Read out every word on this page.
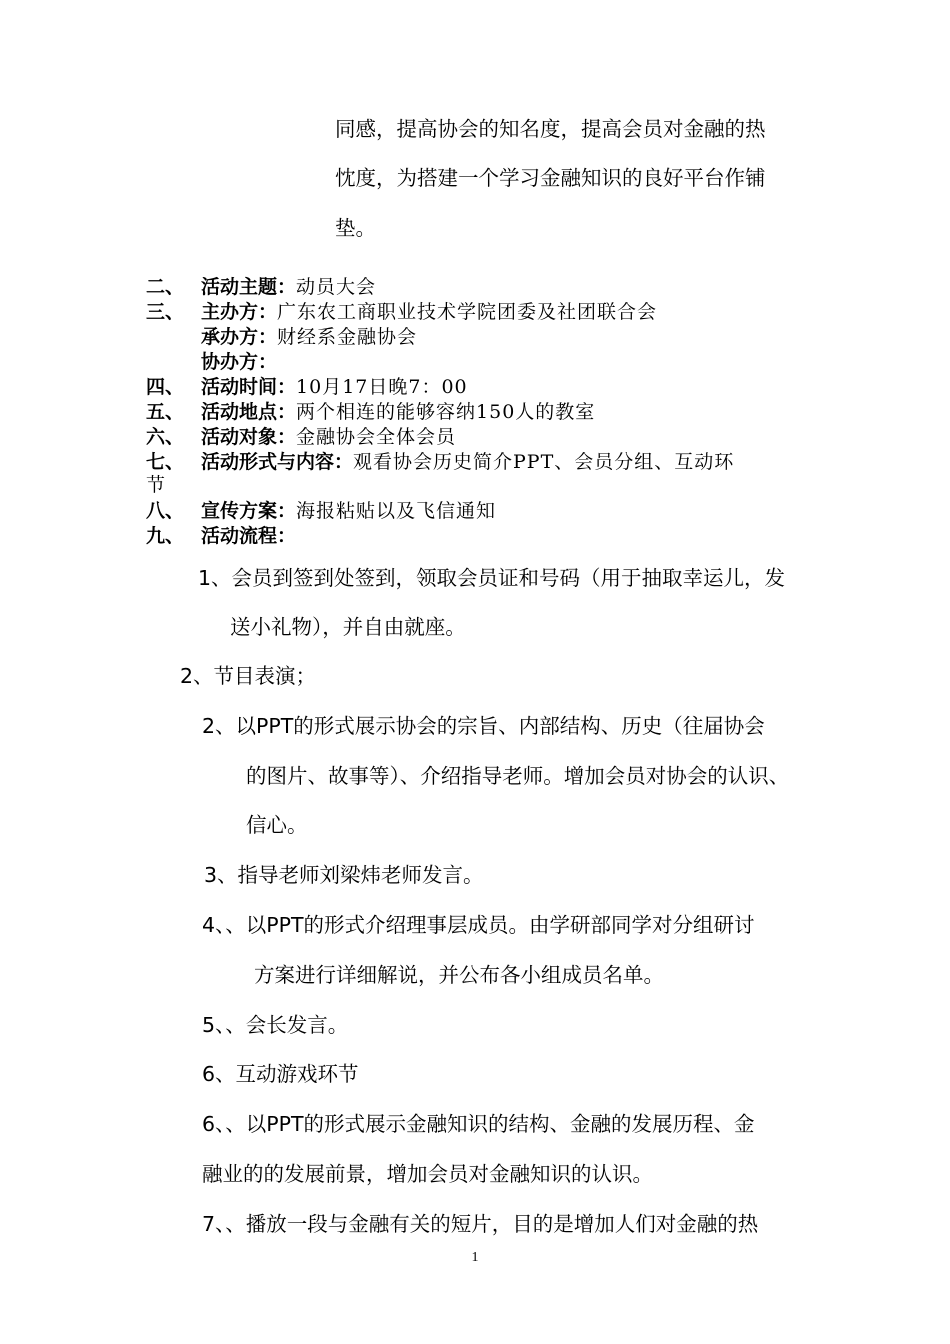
同感，提高协会的知名度，提高会员对金融的热
忱度，为搭建一个学习金融知识的良好平台作铺
垫。
二、 活动主题：动员大会
三、 主办方：广东农工商职业技术学院团委及社团联合会
承办方：财经系金融协会
协办方：
四、 活动时间：10月17日晚7：00
五、 活动地点：两个相连的能够容纳150人的教室
六、 活动对象：金融协会全体会员
七、 活动形式与内容：观看协会历史简介PPT、会员分组、互动环
节
八、 宣传方案：海报粘贴以及飞信通知
九、 活动流程：
1、会员到签到处签到，领取会员证和号码（用于抽取幸运儿，发
送小礼物），并自由就座。
2、节目表演；
2、以PPT的形式展示协会的宗旨、内部结构、历史（往届协会
的图片、故事等）、介绍指导老师。增加会员对协会的认识、
信心。
3、指导老师刘梁炜老师发言。
4、、以PPT的形式介绍理事层成员。由学研部同学对分组研讨
方案进行详细解说，并公布各小组成员名单。
5、、会长发言。
6、互动游戏环节
6、、以PPT的形式展示金融知识的结构、金融的发展历程、金
融业的的发展前景，增加会员对金融知识的认识。
7、、播放一段与金融有关的短片，目的是增加人们对金融的热
1
